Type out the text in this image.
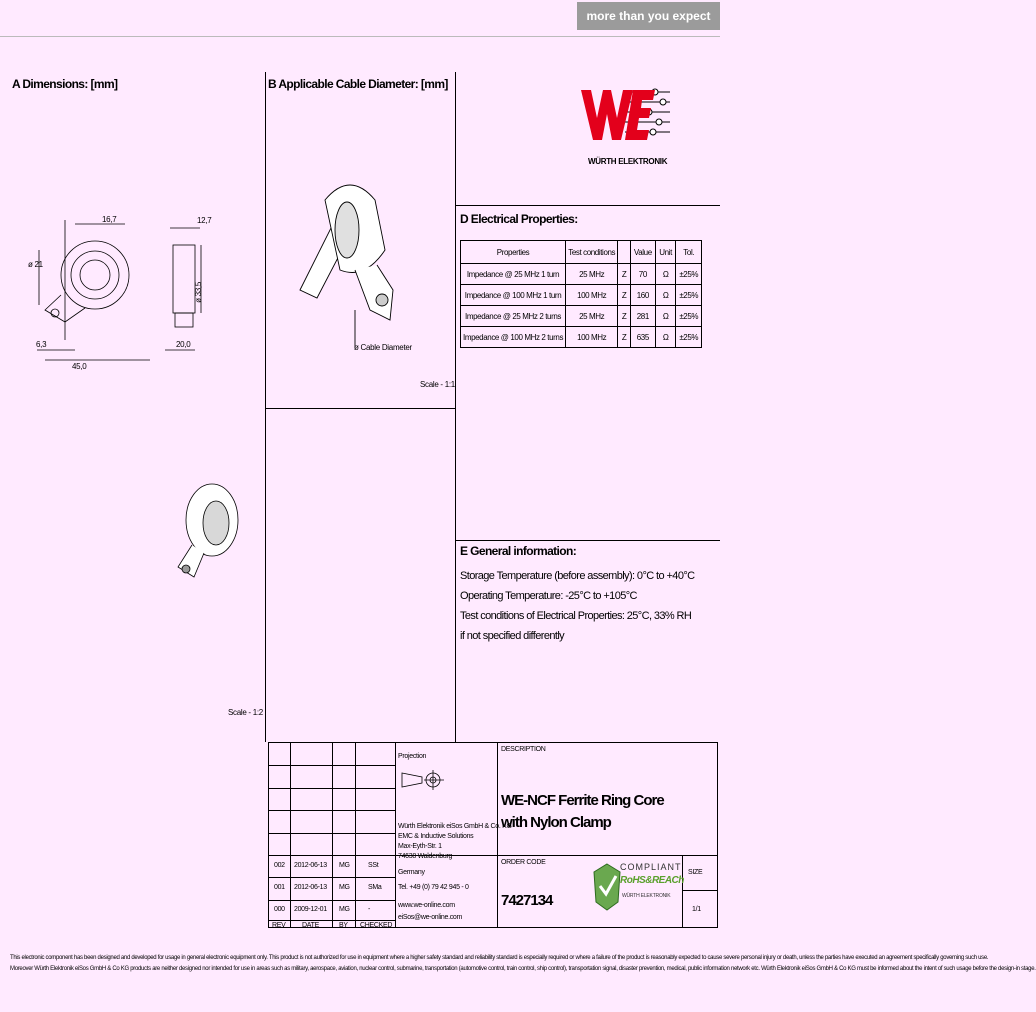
more than you expect
A Dimensions: [mm]
16,7	12,7
ø 21
6,3
45,0
20,0
ø 33,5
Scale - 1:2
B Applicable Cable Diameter: [mm]
ø Cable Diameter
Scale - 1:1
WÜRTH ELEKTRONIK
D Electrical Properties:
Properties	Test conditions		Value	Unit	Tol.
Impedance @ 25 MHz 1 turn	25 MHz	Z	70	Ω	±25%
Impedance @ 100 MHz 1 turn	100 MHz	Z	160	Ω	±25%
Impedance @ 25 MHz 2 turns	25 MHz	Z	281	Ω	±25%
Impedance @ 100 MHz 2 turns	100 MHz	Z	635	Ω	±25%
E General information:
Storage Temperature (before assembly): 0°C to +40°C
Operating Temperature: -25°C to +105°C
Test conditions of Electrical Properties: 25°C, 33% RH
if not specified differently
002 2012-06-13 MG	SSt
001 2012-06-13 MG	SMa
000 2009-12-01 MG	-
REV DATE	BY CHECKED
Projection
Würth Elektronik eiSos GmbH & Co. KG
EMC & Inductive Solutions
Max-Eyth-Str. 1
74638 Waldenburg
Germany
Tel. +49 (0) 79 42 945 - 0
www.we-online.com
eiSos@we-online.com
DESCRIPTION
WE-NCF Ferrite Ring Core with Nylon Clamp
ORDER CODE
7427134
COMPLIANT
RoHS&REACh
WÜRTH ELEKTRONIK
SIZE
1/1
This electronic component has been designed and developed for usage in general electronic equipment only. This product is not authorized for use in equipment where a higher safety standard and reliability standard is especially required or where a failure of the product is reasonably expected to cause severe personal injury or death, unless the parties have executed an agreement specifically governing such use.
Moreover Würth Elektronik eiSos GmbH & Co KG products are neither designed nor intended for use in areas such as military, aerospace, aviation, nuclear control, submarine, transportation (automotive control, train control, ship control), transportation signal, disaster prevention, medical, public information network etc. Würth Elektronik eiSos GmbH & Co KG must be informed about the intent of such usage before the design-in stage.
